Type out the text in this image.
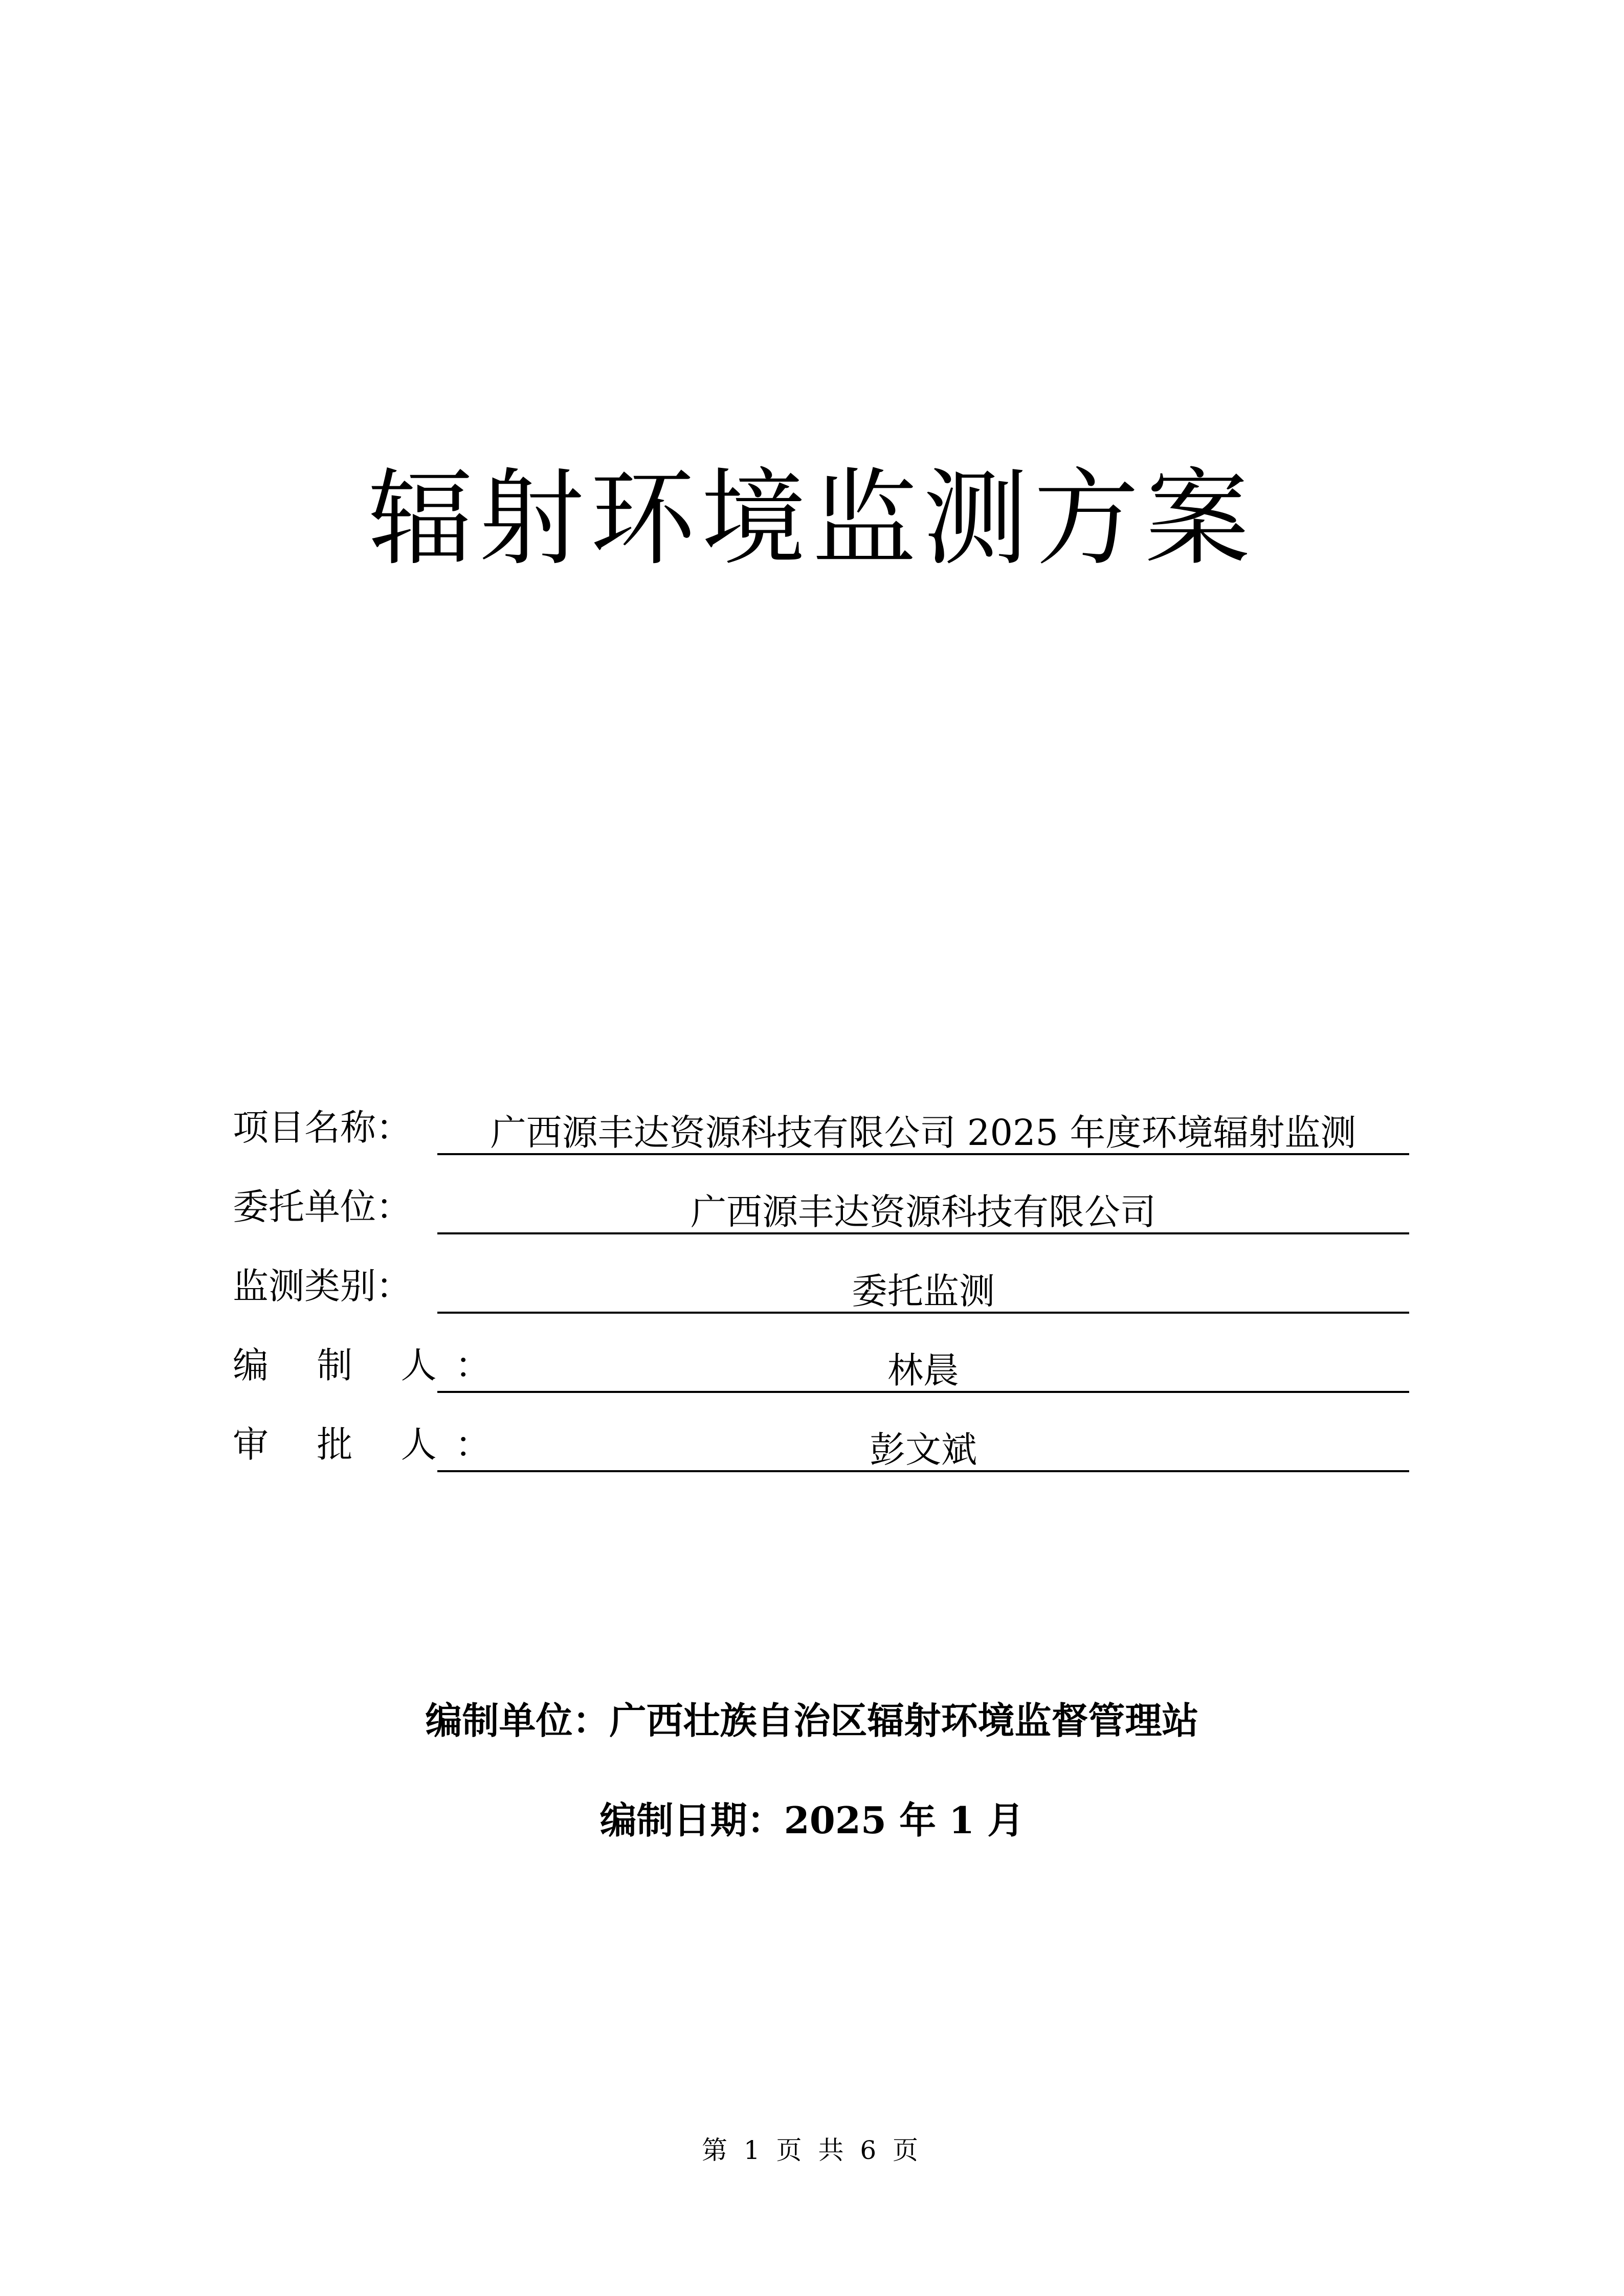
辐射环境监测方案
项目名称：	广西源丰达资源科技有限公司 2025 年度环境辐射监测
委托单位：	广西源丰达资源科技有限公司
监测类别：	委托监测
编 制 人：	林晨
审 批 人：	彭文斌
编制单位：广西壮族自治区辐射环境监督管理站
编制日期：2025 年 1 月
第 1 页 共 6 页
